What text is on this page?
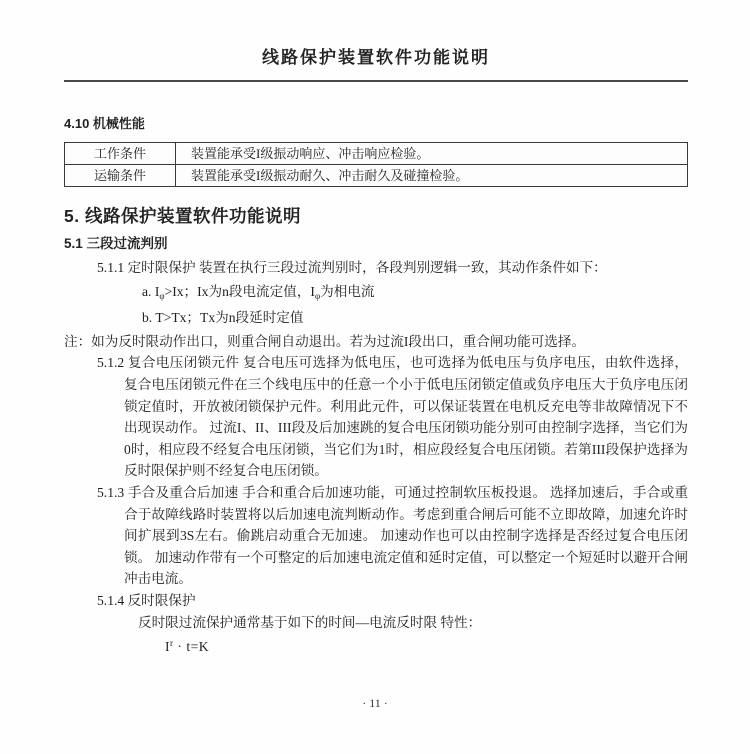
线路保护装置软件功能说明
4.10 机械性能
工作条件	装置能承受I级振动响应、冲击响应检验。
运输条件	装置能承受I级振动耐久、冲击耐久及碰撞检验。
5. 线路保护装置软件功能说明
5.1 三段过流判别

5.1.1 定时限保护 装置在执行三段过流判别时，各段判别逻辑一致，其动作条件如下：

a. $I_\varphi>Ix$；Ix为n段电流定值，$I_\varphi$为相电流

b. T>Tx；Tx为n段延时定值

注：如为反时限动作出口，则重合闸自动退出。若为过流I段出口，重合闸功能可选择。

5.1.2 复合电压闭锁元件 复合电压可选择为低电压，也可选择为低电压与负序电压，由软件选择，复合电压闭锁元件在三个线电压中的任意一个小于低电压闭锁定值或负序电压大于负序电压闭锁定值时，开放被闭锁保护元件。利用此元件，可以保证装置在电机反充电等非故障情况下不出现误动作。 过流I、II、III段及后加速跳的复合电压闭锁功能分别可由控制字选择，当它们为0时，相应段不经复合电压闭锁，当它们为1时，相应段经复合电压闭锁。若第III段保护选择为反时限保护则不经复合电压闭锁。

5.1.3 手合及重合后加速 手合和重合后加速功能，可通过控制软压板投退。 选择加速后，手合或重合于故障线路时装置将以后加速电流判断动作。考虑到重合闸后可能不立即故障，加速允许时间扩展到3S左右。偷跳启动重合无加速。 加速动作也可以由控制字选择是否经过复合电压闭锁。 加速动作带有一个可整定的后加速电流定值和延时定值，可以整定一个短延时以避开合闸冲击电流。

5.1.4 反时限保护

反时限过流保护通常基于如下的时间—电流反时限 特性：

$I^r \cdot t=K$

· 11 ·
